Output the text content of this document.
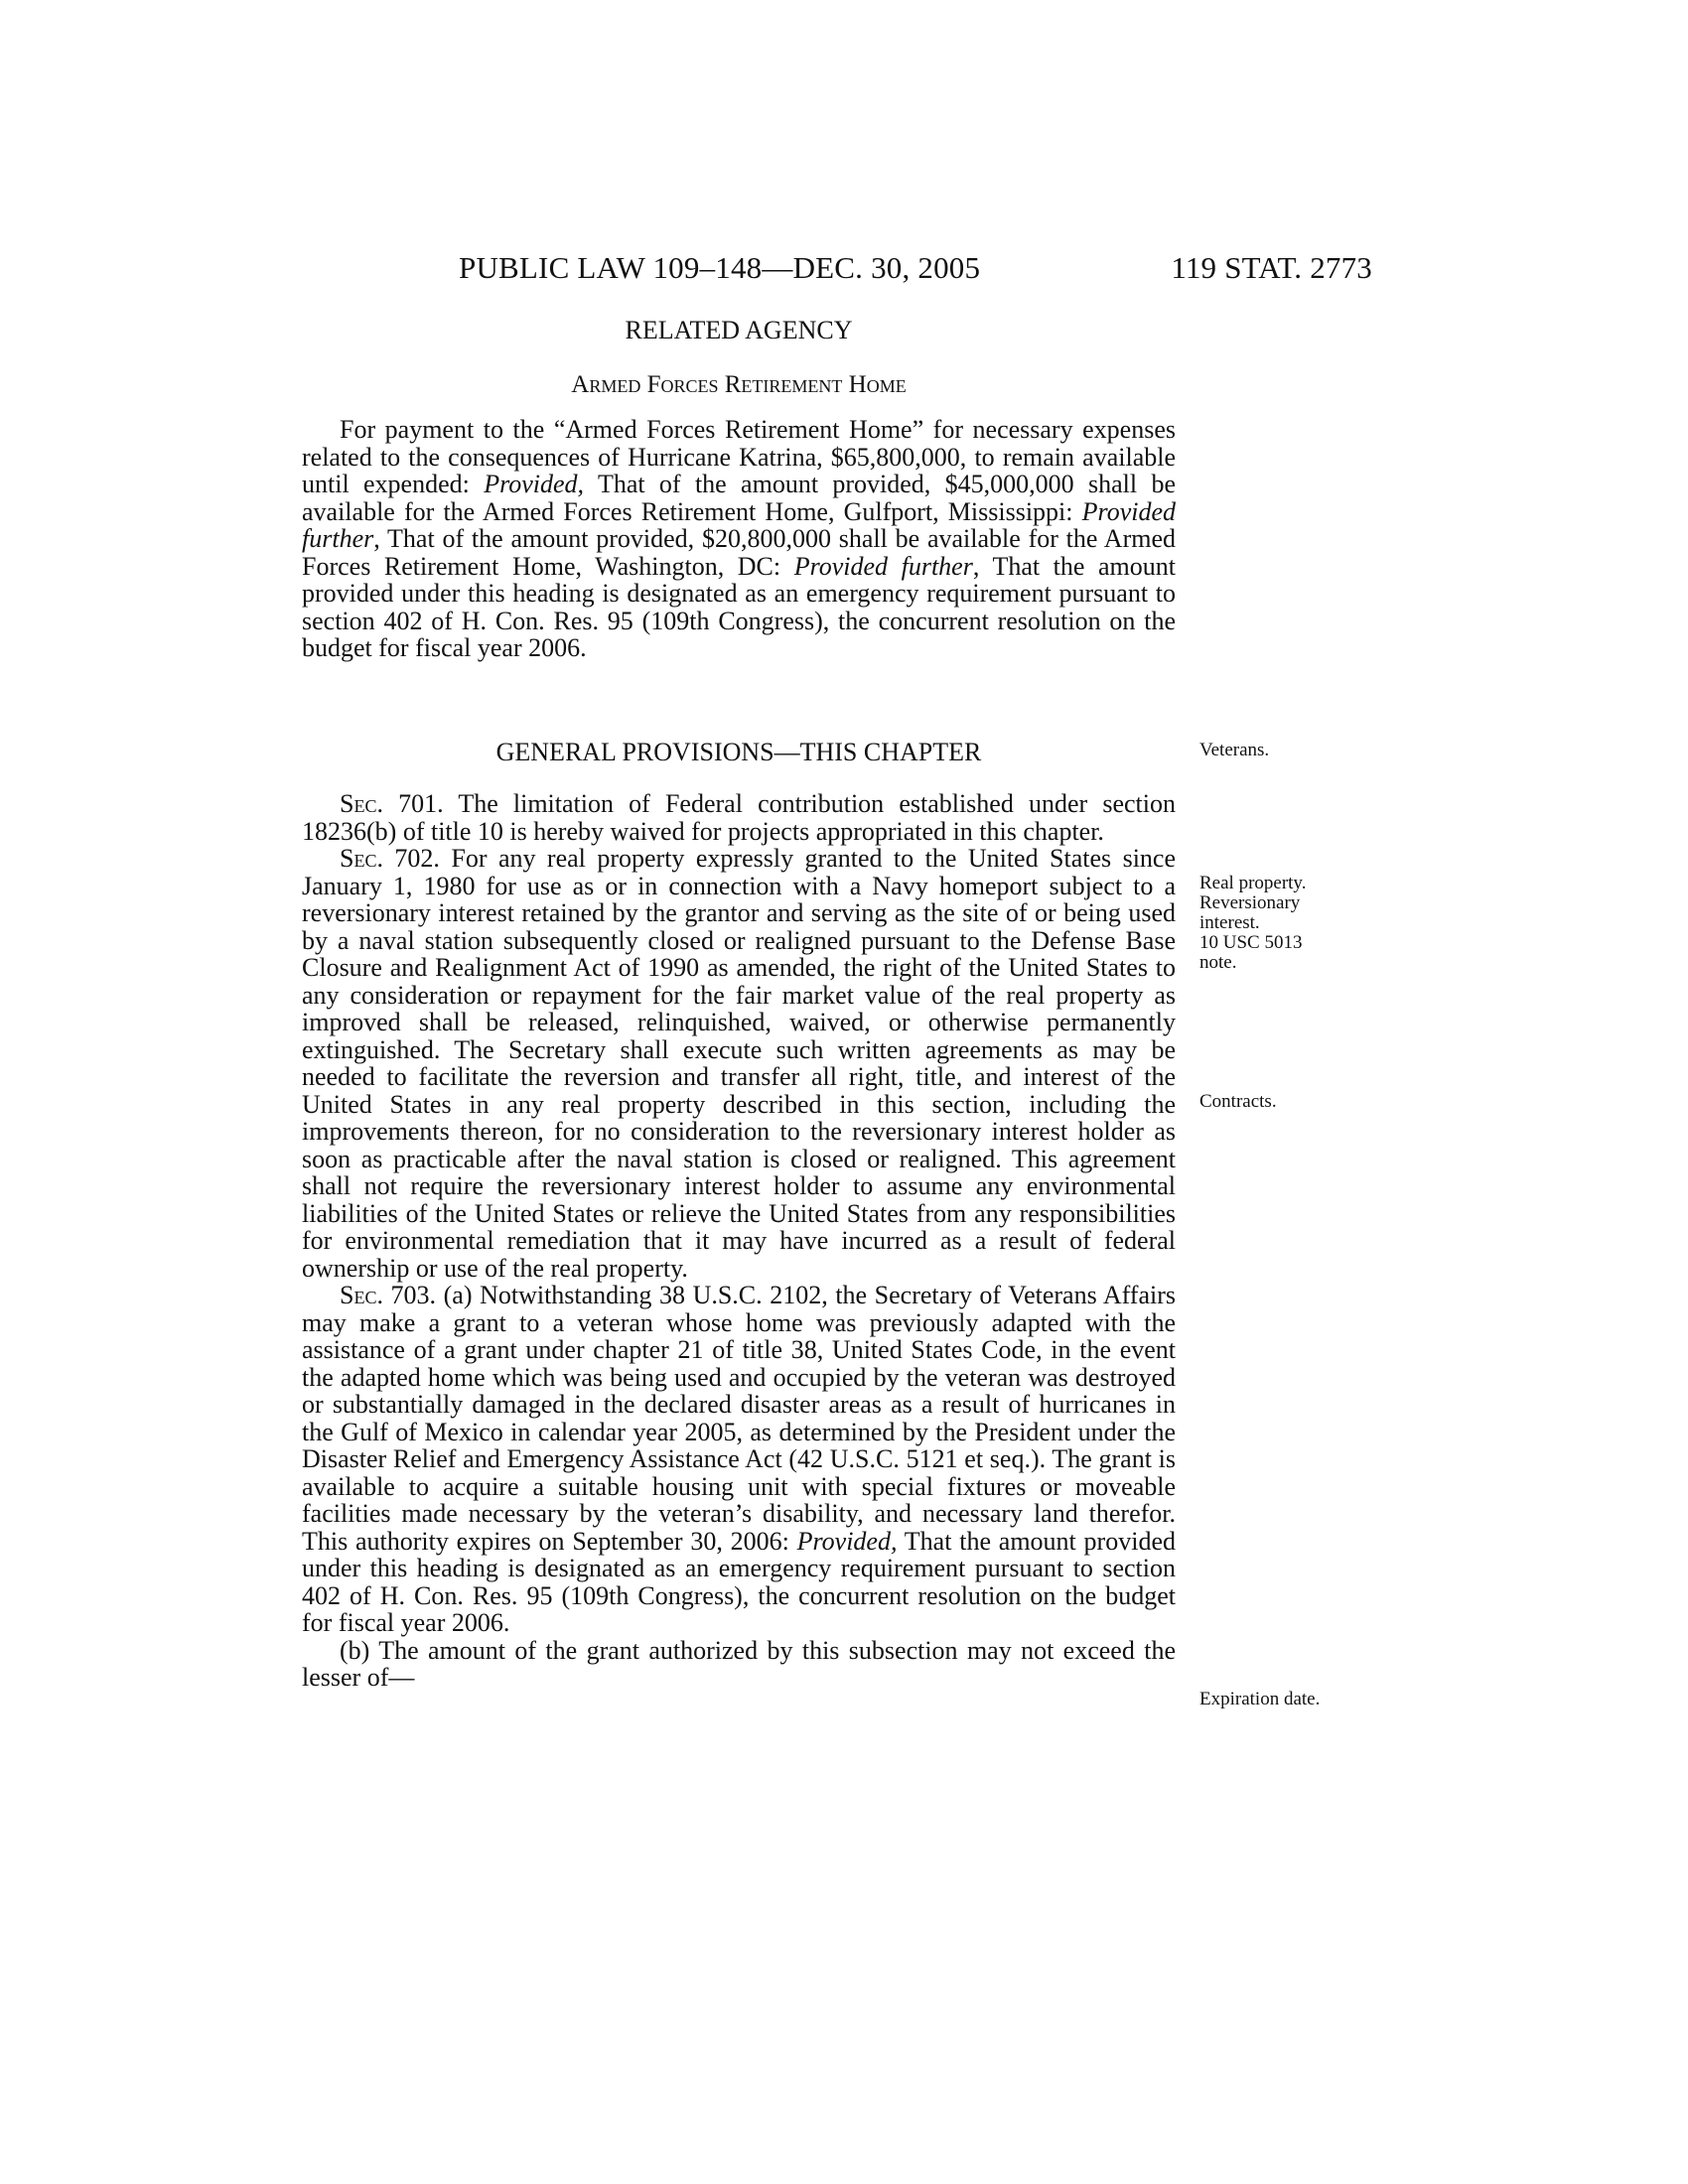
PUBLIC LAW 109–148—DEC. 30, 2005	119 STAT. 2773
RELATED AGENCY
Armed Forces Retirement Home

For payment to the “Armed Forces Retirement Home” for necessary expenses related to the consequences of Hurricane Katrina, $65,800,000, to remain available until expended: Provided, That of the amount provided, $45,000,000 shall be available for the Armed Forces Retirement Home, Gulfport, Mississippi: Provided further, That of the amount provided, $20,800,000 shall be available for the Armed Forces Retirement Home, Washington, DC: Provided further, That the amount provided under this heading is designated as an emergency requirement pursuant to section 402 of H. Con. Res. 95 (109th Congress), the concurrent resolution on the budget for fiscal year 2006.

GENERAL PROVISIONS—THIS CHAPTER

Sec. 701. The limitation of Federal contribution established under section 18236(b) of title 10 is hereby waived for projects appropriated in this chapter.

Sec. 702. For any real property expressly granted to the United States since January 1, 1980 for use as or in connection with a Navy homeport subject to a reversionary interest retained by the grantor and serving as the site of or being used by a naval station subsequently closed or realigned pursuant to the Defense Base Closure and Realignment Act of 1990 as amended, the right of the United States to any consideration or repayment for the fair market value of the real property as improved shall be released, relinquished, waived, or otherwise permanently extinguished. The Secretary shall execute such written agreements as may be needed to facilitate the reversion and transfer all right, title, and interest of the United States in any real property described in this section, including the improvements thereon, for no consideration to the reversionary interest holder as soon as practicable after the naval station is closed or realigned. This agreement shall not require the reversionary interest holder to assume any environmental liabilities of the United States or relieve the United States from any responsibilities for environmental remediation that it may have incurred as a result of federal ownership or use of the real property.

Sec. 703. (a) Notwithstanding 38 U.S.C. 2102, the Secretary of Veterans Affairs may make a grant to a veteran whose home was previously adapted with the assistance of a grant under chapter 21 of title 38, United States Code, in the event the adapted home which was being used and occupied by the veteran was destroyed or substantially damaged in the declared disaster areas as a result of hurricanes in the Gulf of Mexico in calendar year 2005, as determined by the President under the Disaster Relief and Emergency Assistance Act (42 U.S.C. 5121 et seq.). The grant is available to acquire a suitable housing unit with special fixtures or moveable facilities made necessary by the veteran’s disability, and necessary land therefor. This authority expires on September 30, 2006: Provided, That the amount provided under this heading is designated as an emergency requirement pursuant to section 402 of H. Con. Res. 95 (109th Congress), the concurrent resolution on the budget for fiscal year 2006.

(b) The amount of the grant authorized by this subsection may not exceed the lesser of—

Veterans.
Real property.
Reversionary interest.
10 USC 5013 note.
Contracts.
Expiration date.
